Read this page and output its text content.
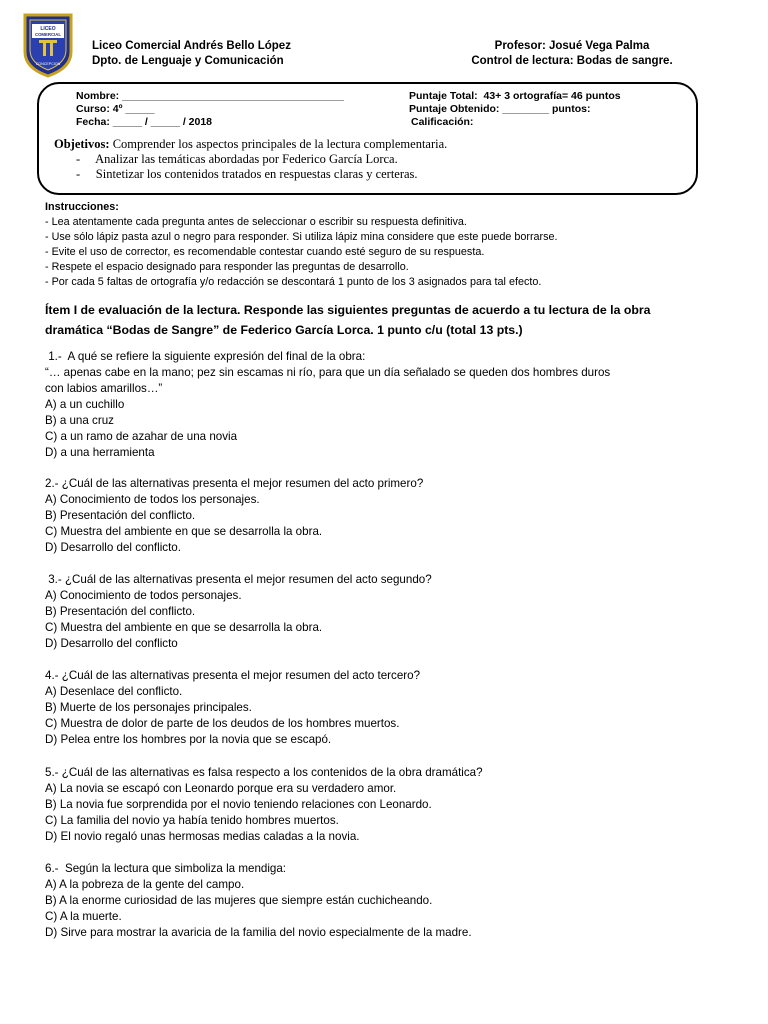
LICEO
COMERCIAL
CONCEPCION
Liceo Comercial Andrés Bello López
Dpto. de Lenguaje y Comunicación
Profesor: Josué Vega Palma
Control de lectura: Bodas de sangre.
Nombre: ______________________________________
Curso: 4º _____
Fecha: _____ / _____ / 2018
Puntaje Total:  43+ 3 ortografía= 46 puntos
Puntaje Obtenido: ________ puntos:
Calificación:
Objetivos: Comprender los aspectos principales de la lectura complementaria.
-     Analizar las temáticas abordadas por Federico García Lorca.
-     Sintetizar los contenidos tratados en respuestas claras y certeras.
Instrucciones:
- Lea atentamente cada pregunta antes de seleccionar o escribir su respuesta definitiva.
- Use sólo lápiz pasta azul o negro para responder. Si utiliza lápiz mina considere que este puede borrarse.
- Evite el uso de corrector, es recomendable contestar cuando esté seguro de su respuesta.
- Respete el espacio designado para responder las preguntas de desarrollo.
- Por cada 5 faltas de ortografía y/o redacción se descontará 1 punto de los 3 asignados para tal efecto.
Ítem I de evaluación de la lectura. Responde las siguientes preguntas de acuerdo a tu lectura de la obra
dramática “Bodas de Sangre” de Federico García Lorca. 1 punto c/u (total 13 pts.)
1.-  A qué se refiere la siguiente expresión del final de la obra:
“… apenas cabe en la mano; pez sin escamas ni río, para que un día señalado se queden dos hombres duros
con labios amarillos…”
A) a un cuchillo
B) a una cruz
C) a un ramo de azahar de una novia
D) a una herramienta
2.- ¿Cuál de las alternativas presenta el mejor resumen del acto primero?
A) Conocimiento de todos los personajes.
B) Presentación del conflicto.
C) Muestra del ambiente en que se desarrolla la obra.
D) Desarrollo del conflicto.
3.- ¿Cuál de las alternativas presenta el mejor resumen del acto segundo?
A) Conocimiento de todos personajes.
B) Presentación del conflicto.
C) Muestra del ambiente en que se desarrolla la obra.
D) Desarrollo del conflicto
4.- ¿Cuál de las alternativas presenta el mejor resumen del acto tercero?
A) Desenlace del conflicto.
B) Muerte de los personajes principales.
C) Muestra de dolor de parte de los deudos de los hombres muertos.
D) Pelea entre los hombres por la novia que se escapó.
5.- ¿Cuál de las alternativas es falsa respecto a los contenidos de la obra dramática?
A) La novia se escapó con Leonardo porque era su verdadero amor.
B) La novia fue sorprendida por el novio teniendo relaciones con Leonardo.
C) La familia del novio ya había tenido hombres muertos.
D) El novio regaló unas hermosas medias caladas a la novia.
6.-  Según la lectura que simboliza la mendiga:
A) A la pobreza de la gente del campo.
B) A la enorme curiosidad de las mujeres que siempre están cuchicheando.
C) A la muerte.
D) Sirve para mostrar la avaricia de la familia del novio especialmente de la madre.
